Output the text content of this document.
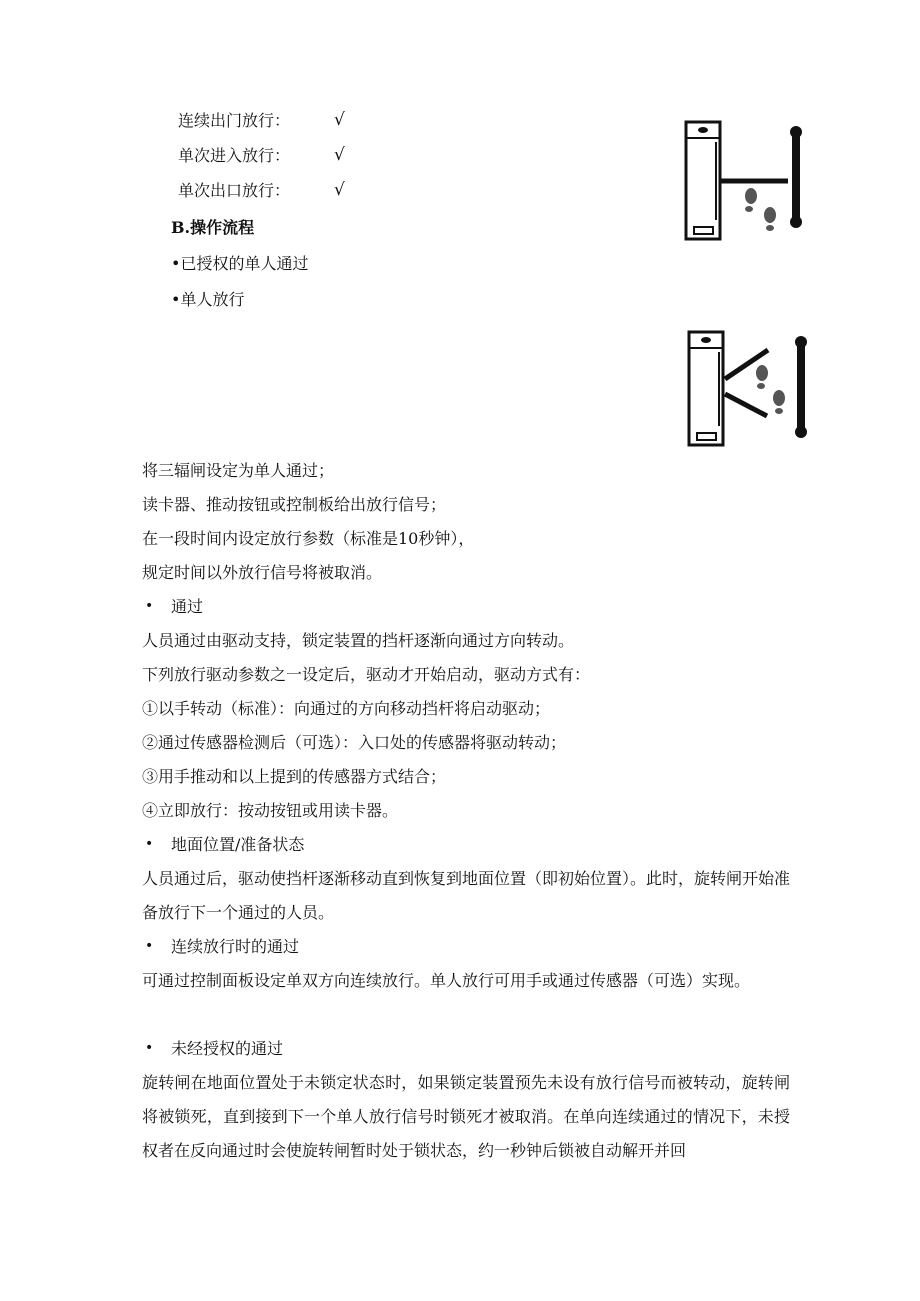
连续出门放行：	√
单次进入放行：	√
单次出口放行：	√
B.操作流程
•已授权的单人通过
•单人放行
将三辐闸设定为单人通过；
读卡器、推动按钮或控制板给出放行信号；
在一段时间内设定放行参数（标准是10秒钟），
规定时间以外放行信号将被取消。
• 通过
人员通过由驱动支持，锁定装置的挡杆逐渐向通过方向转动。
下列放行驱动参数之一设定后，驱动才开始启动，驱动方式有：
①以手转动（标准）：向通过的方向移动挡杆将启动驱动；
②通过传感器检测后（可选）：入口处的传感器将驱动转动；
③用手推动和以上提到的传感器方式结合；
④立即放行：按动按钮或用读卡器。
• 地面位置/准备状态
人员通过后，驱动使挡杆逐渐移动直到恢复到地面位置（即初始位置）。此时，旋转闸开始准备放行下一个通过的人员。
• 连续放行时的通过
可通过控制面板设定单双方向连续放行。单人放行可用手或通过传感器（可选）实现。
• 未经授权的通过
旋转闸在地面位置处于未锁定状态时，如果锁定装置预先未设有放行信号而被转动，旋转闸将被锁死，直到接到下一个单人放行信号时锁死才被取消。在单向连续通过的情况下，未授权者在反向通过时会使旋转闸暂时处于锁状态，约一秒钟后锁被自动解开并回
